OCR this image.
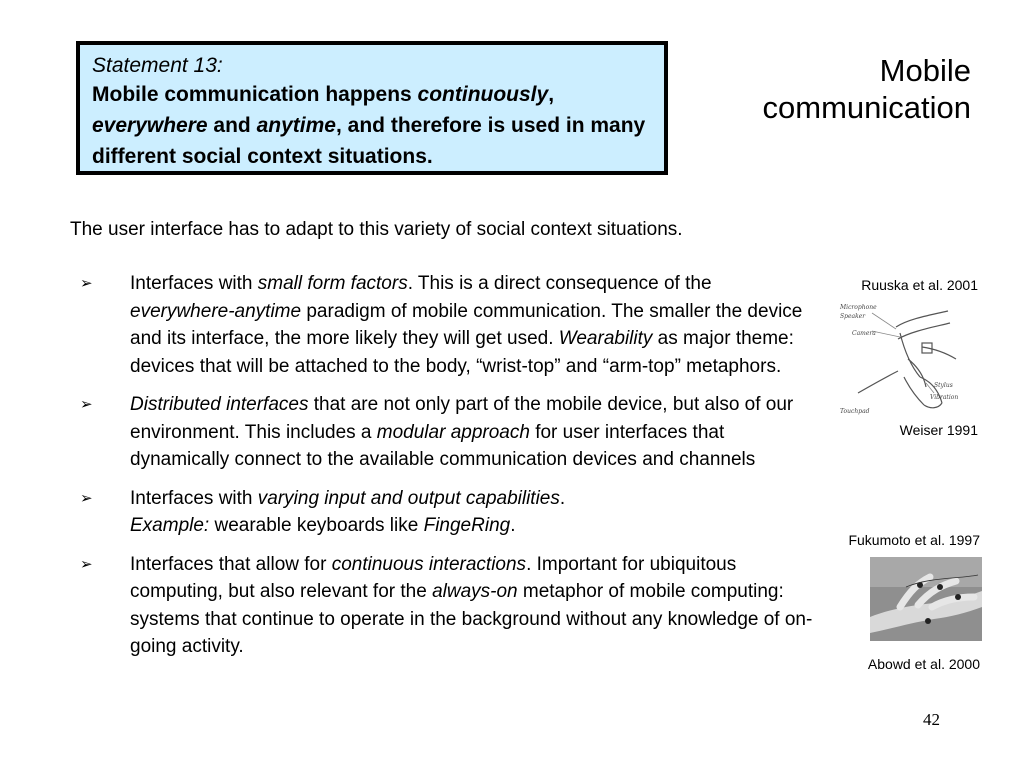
Statement 13:
Mobile communication happens continuously, everywhere and anytime, and therefore is used in many different social context situations.
Mobile
communication
The user interface has to adapt to this variety of social context situations.
➢ Interfaces with small form factors. This is a direct consequence of the everywhere-anytime paradigm of mobile communication. The smaller the device and its interface, the more likely they will get used. Wearability as major theme: devices that will be attached to the body, “wrist-top” and “arm-top” metaphors.
➢ Distributed interfaces that are not only part of the mobile device, but also of our environment. This includes a modular approach for user interfaces that dynamically connect to the available communication devices and channels
➢ Interfaces with varying input and output capabilities.
Example: wearable keyboards like FingeRing.
➢ Interfaces that allow for continuous interactions. Important for ubiquitous computing, but also relevant for the always-on metaphor of mobile computing: systems that continue to operate in the background without any knowledge of on-going activity.
Ruuska et al. 2001
Microphone
Speaker
Camera
Stylus
Vibration
Touchpad
Weiser 1991
Fukumoto et al. 1997
Abowd et al. 2000
42
